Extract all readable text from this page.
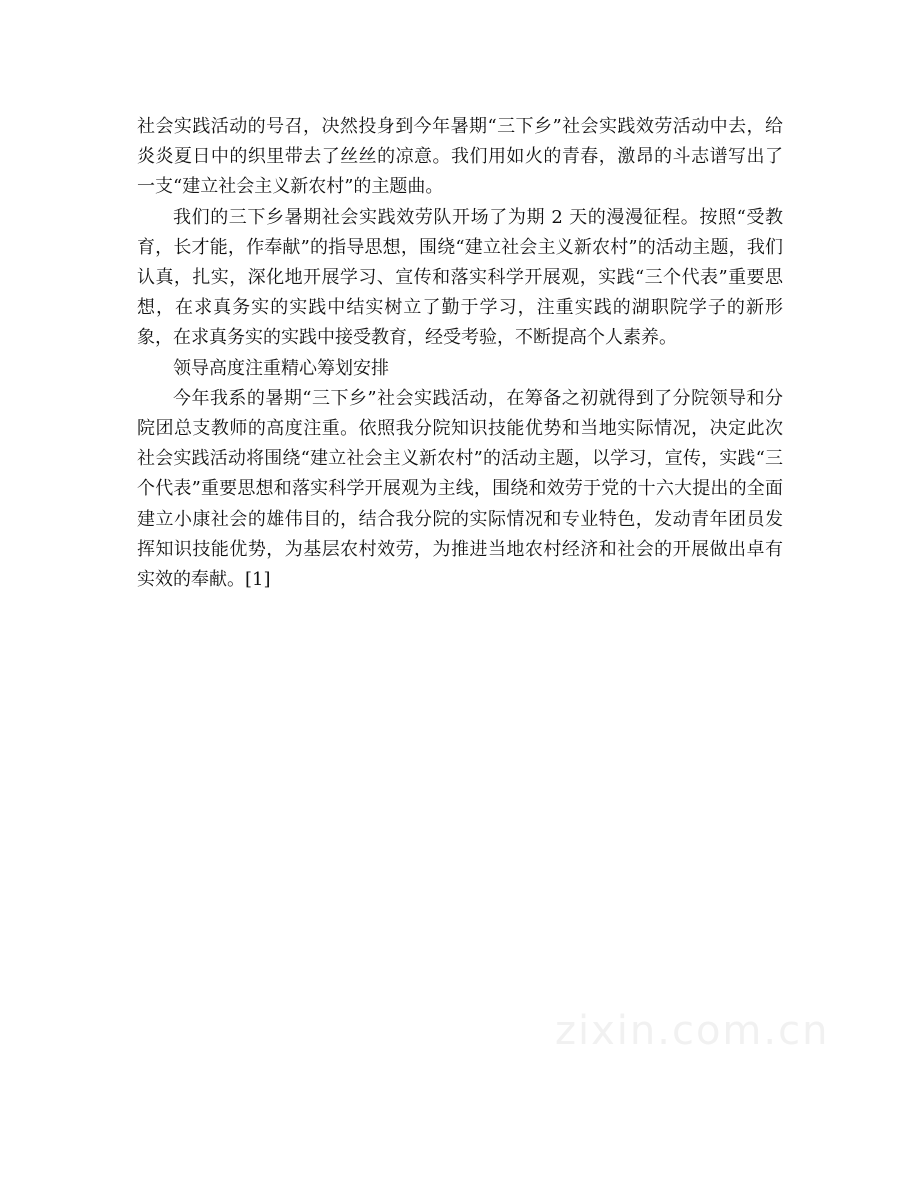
社会实践活动的号召，决然投身到今年暑期“三下乡”社会实践效劳活动中去，给炎炎夏日中的织里带去了丝丝的凉意。我们用如火的青春，激昂的斗志谱写出了一支“建立社会主义新农村”的主题曲。

我们的三下乡暑期社会实践效劳队开场了为期 2 天的漫漫征程。按照“受教育，长才能，作奉献”的指导思想，围绕“建立社会主义新农村”的活动主题，我们认真，扎实，深化地开展学习、宣传和落实科学开展观，实践“三个代表”重要思想，在求真务实的实践中结实树立了勤于学习，注重实践的湖职院学子的新形象，在求真务实的实践中接受教育，经受考验，不断提高个人素养。

领导高度注重精心筹划安排

今年我系的暑期“三下乡”社会实践活动，在筹备之初就得到了分院领导和分院团总支教师的高度注重。依照我分院知识技能优势和当地实际情况，决定此次社会实践活动将围绕“建立社会主义新农村”的活动主题，以学习，宣传，实践“三个代表”重要思想和落实科学开展观为主线，围绕和效劳于党的十六大提出的全面建立小康社会的雄伟目的，结合我分院的实际情况和专业特色，发动青年团员发挥知识技能优势，为基层农村效劳，为推进当地农村经济和社会的开展做出卓有实效的奉献。[1]

zixin.com.cn
